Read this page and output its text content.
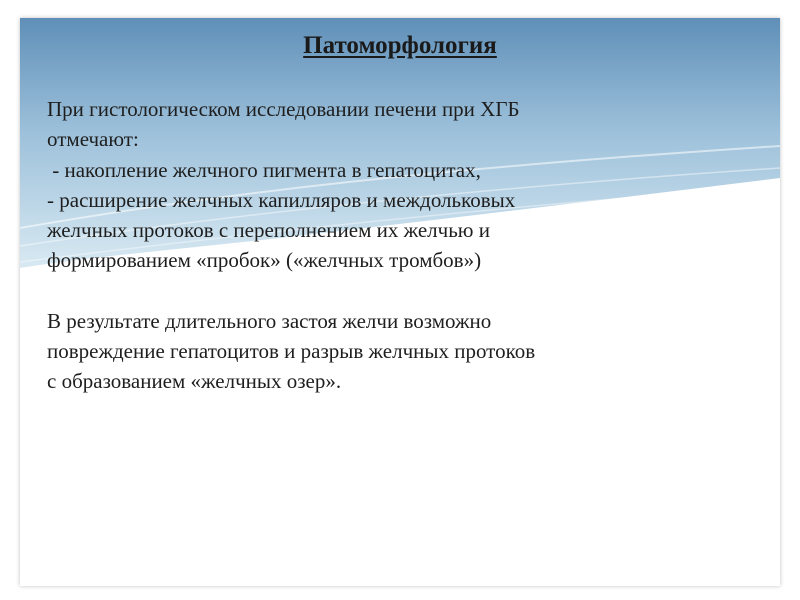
Патоморфология
При гистологическом исследовании печени при ХГБ
отмечают:
- накопление желчного пигмента в гепатоцитах,
- расширение желчных капилляров и междольковых
желчных протоков с переполнением их желчью и
формированием «пробок» («желчных тромбов»)
В результате длительного застоя желчи возможно
повреждение гепатоцитов и разрыв желчных протоков
с образованием «желчных озер».
